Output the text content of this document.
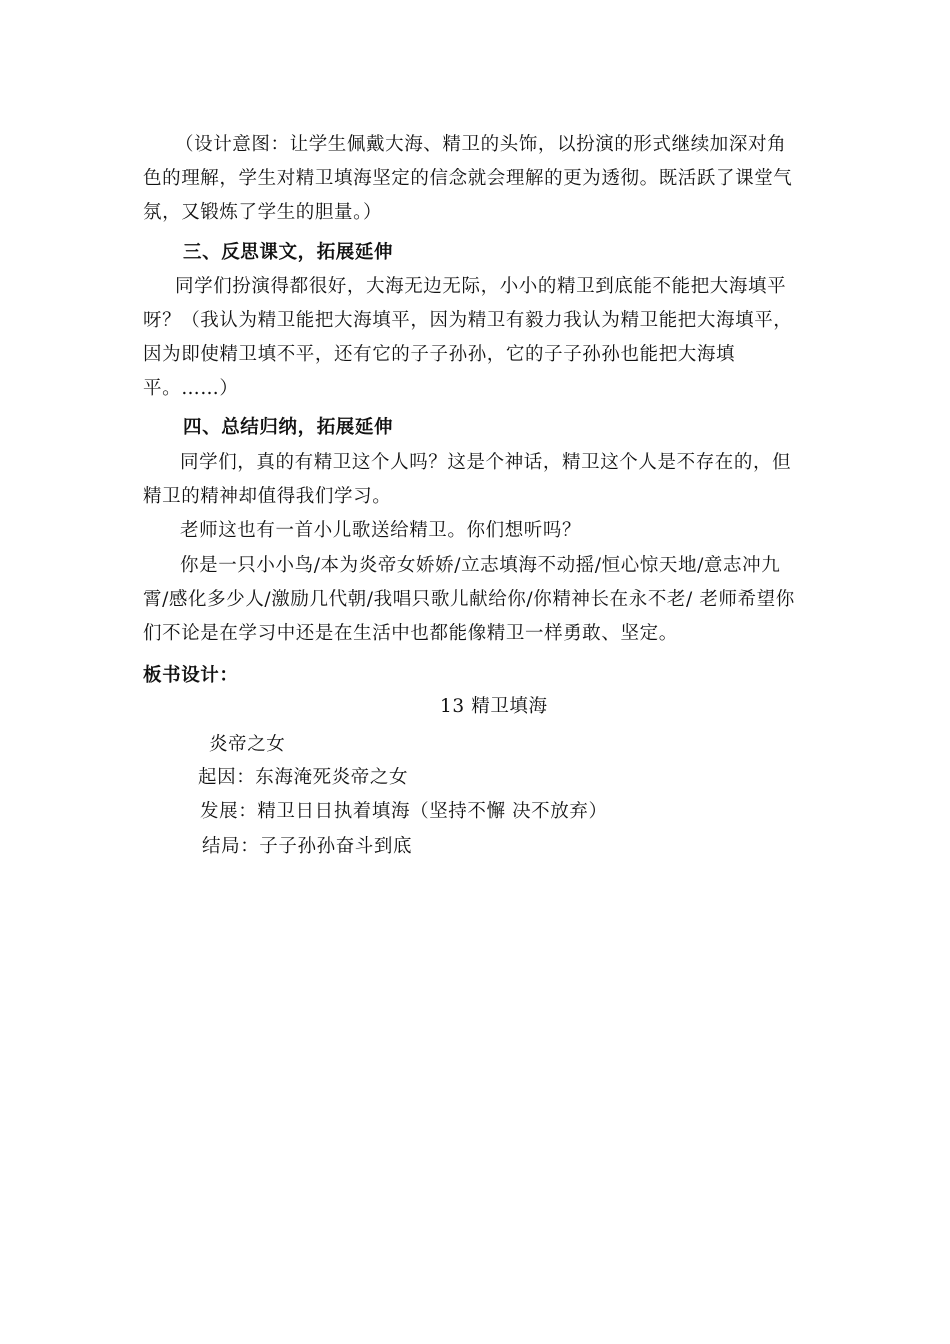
（设计意图：让学生佩戴大海、精卫的头饰，以扮演的形式继续加深对角色的理解，学生对精卫填海坚定的信念就会理解的更为透彻。既活跃了课堂气氛，又锻炼了学生的胆量。）

三、反思课文，拓展延伸

同学们扮演得都很好，大海无边无际，小小的精卫到底能不能把大海填平呀？（我认为精卫能把大海填平，因为精卫有毅力我认为精卫能把大海填平，因为即使精卫填不平，还有它的子子孙孙，它的子子孙孙也能把大海填平。……）

四、总结归纳，拓展延伸

同学们，真的有精卫这个人吗？这是个神话，精卫这个人是不存在的，但精卫的精神却值得我们学习。

老师这也有一首小儿歌送给精卫。你们想听吗？

你是一只小小鸟/本为炎帝女娇娇/立志填海不动摇/恒心惊天地/意志冲九霄/感化多少人/激励几代朝/我唱只歌儿献给你/你精神长在永不老/ 老师希望你们不论是在学习中还是在生活中也都能像精卫一样勇敢、坚定。

板书设计：

13 精卫填海

炎帝之女

起因：东海淹死炎帝之女

发展：精卫日日执着填海（坚持不懈 决不放弃）

结局：子子孙孙奋斗到底
